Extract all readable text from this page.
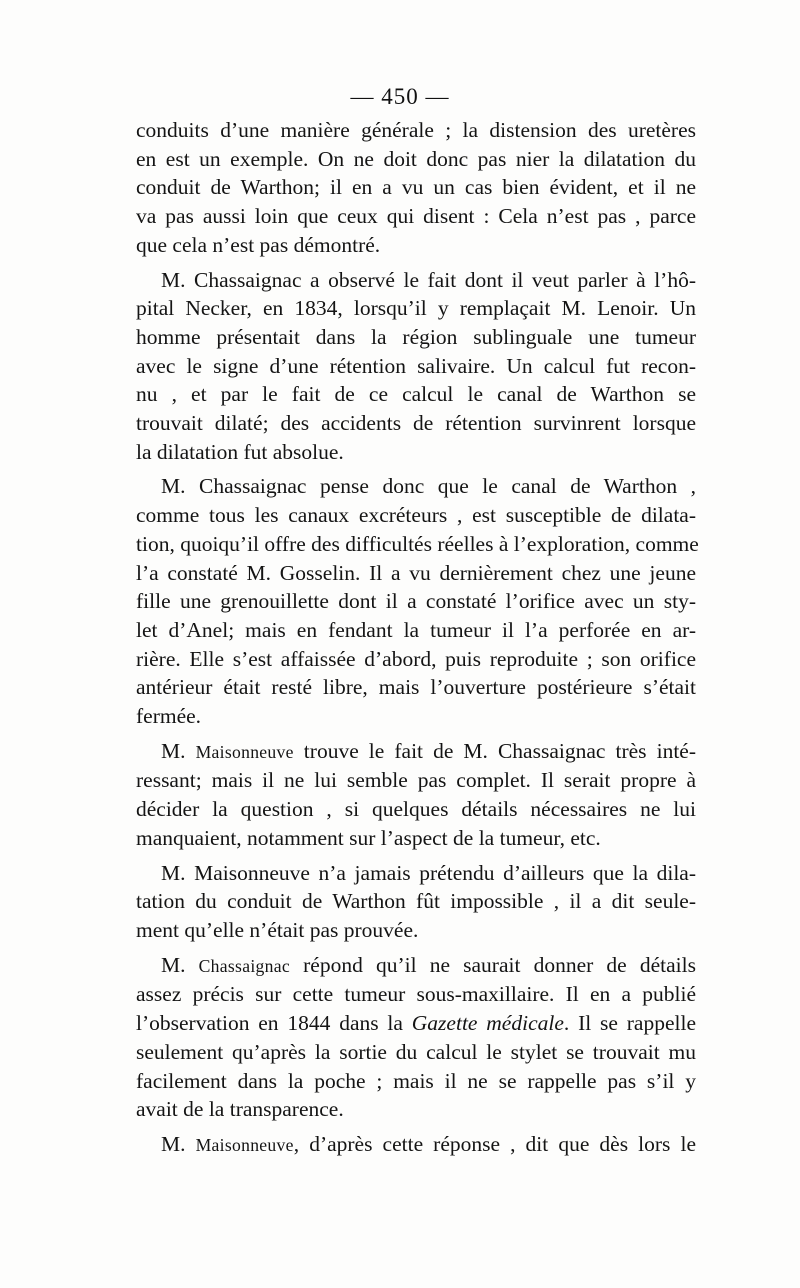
— 450 —
conduits d’une manière générale ; la distension des uretères
en est un exemple. On ne doit donc pas nier la dilatation du
conduit de Warthon; il en a vu un cas bien évident, et il ne
va pas aussi loin que ceux qui disent : Cela n’est pas , parce
que cela n’est pas démontré.
M. Chassaignac a observé le fait dont il veut parler à l’hô-
pital Necker, en 1834, lorsqu’il y remplaçait M. Lenoir. Un
homme présentait dans la région sublinguale une tumeur
avec le signe d’une rétention salivaire. Un calcul fut recon-
nu , et par le fait de ce calcul le canal de Warthon se
trouvait dilaté; des accidents de rétention survinrent lorsque
la dilatation fut absolue.
M. Chassaignac pense donc que le canal de Warthon ,
comme tous les canaux excréteurs , est susceptible de dilata-
tion, quoiqu’il offre des difficultés réelles à l’exploration, comme
l’a constaté M. Gosselin. Il a vu dernièrement chez une jeune
fille une grenouillette dont il a constaté l’orifice avec un sty-
let d’Anel; mais en fendant la tumeur il l’a perforée en ar-
rière. Elle s’est affaissée d’abord, puis reproduite ; son orifice
antérieur était resté libre, mais l’ouverture postérieure s’était
fermée.
M. Maisonneuve trouve le fait de M. Chassaignac très inté-
ressant; mais il ne lui semble pas complet. Il serait propre à
décider la question , si quelques détails nécessaires ne lui
manquaient, notamment sur l’aspect de la tumeur, etc.
M. Maisonneuve n’a jamais prétendu d’ailleurs que la dila-
tation du conduit de Warthon fût impossible , il a dit seule-
ment qu’elle n’était pas prouvée.
M. Chassaignac répond qu’il ne saurait donner de détails
assez précis sur cette tumeur sous-maxillaire. Il en a publié
l’observation en 1844 dans la Gazette médicale. Il se rappelle
seulement qu’après la sortie du calcul le stylet se trouvait mu
facilement dans la poche ; mais il ne se rappelle pas s’il y
avait de la transparence.
M. Maisonneuve, d’après cette réponse , dit que dès lors le
